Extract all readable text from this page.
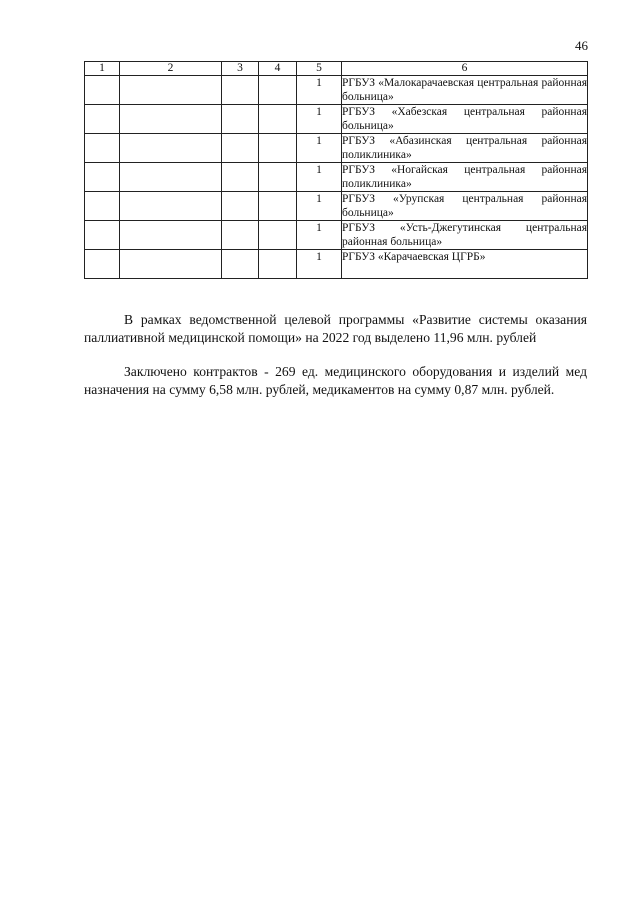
46
1	2	3	4	5	6
				1	РГБУЗ «Малокарачаевская центральная районная больница»
				1	РГБУЗ «Хабезская центральная районная больница»
				1	РГБУЗ «Абазинская центральная районная поликлиника»
				1	РГБУЗ «Ногайская центральная районная поликлиника»
				1	РГБУЗ «Урупская центральная районная больница»
				1	РГБУЗ «Усть-Джегутинская центральная районная больница»
				1	РГБУЗ «Карачаевская ЦГРБ»

В рамках ведомственной целевой программы «Развитие системы оказания паллиативной медицинской помощи» на 2022 год выделено 11,96 млн. рублей

Заключено контрактов - 269 ед. медицинского оборудования и изделий мед назначения на сумму 6,58 млн. рублей, медикаментов на сумму 0,87 млн. рублей.
